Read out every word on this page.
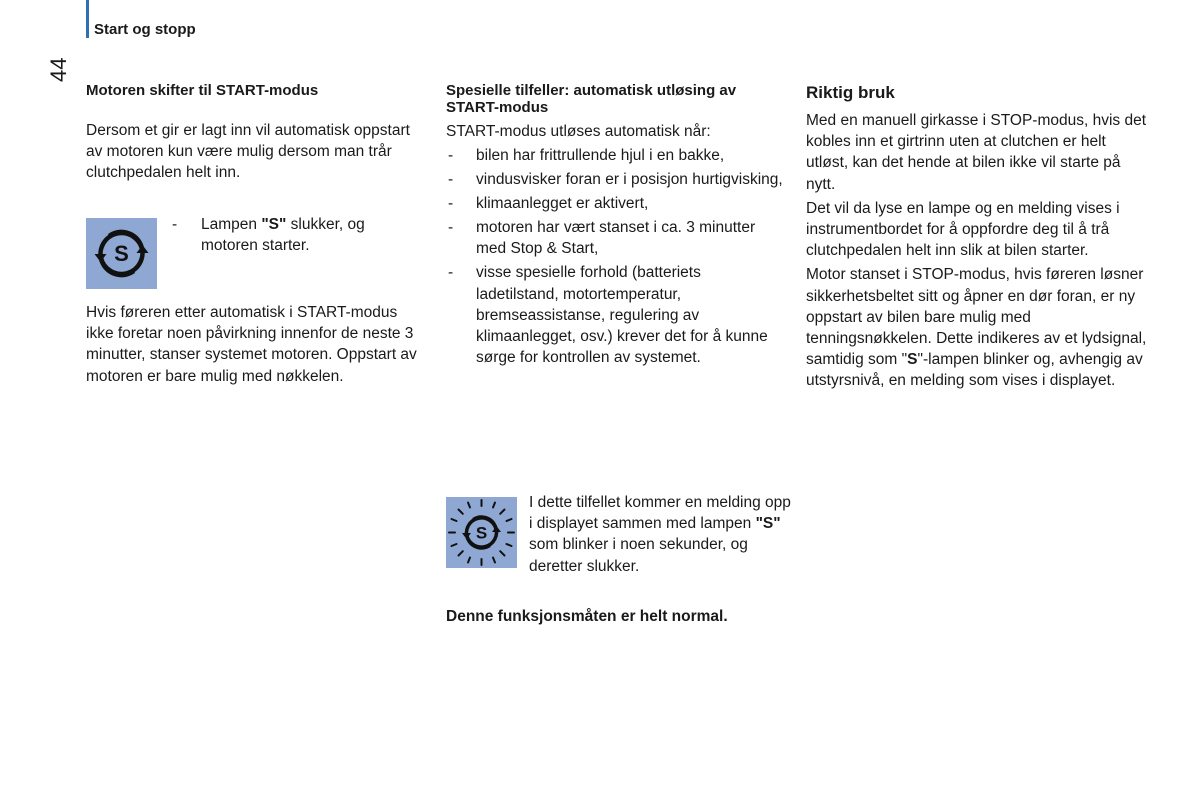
Start og stopp
44

Motoren skifter til START-modus

Dersom et gir er lagt inn vil automatisk oppstart av motoren kun være mulig dersom man trår clutchpedalen helt inn.

S
- Lampen "S" slukker, og motoren starter.

Hvis føreren etter automatisk i START-modus ikke foretar noen påvirkning innenfor de neste 3 minutter, stanser systemet motoren. Oppstart av motoren er bare mulig med nøkkelen.

Spesielle tilfeller: automatisk utløsing av START-modus

START-modus utløses automatisk når:

- bilen har frittrullende hjul i en bakke,
- vindusvisker foran er i posisjon hurtigvisking,
- klimaanlegget er aktivert,
- motoren har vært stanset i ca. 3 minutter med Stop & Start,
- visse spesielle forhold (batteriets ladetilstand, motortemperatur, bremseassistanse, regulering av klimaanlegget, osv.) krever det for å kunne sørge for kontrollen av systemet.
S
I dette tilfellet kommer en melding opp i displayet sammen med lampen "S" som blinker i noen sekunder, og deretter slukker.

Denne funksjonsmåten er helt normal.

Riktig bruk

Med en manuell girkasse i STOP-modus, hvis det kobles inn et girtrinn uten at clutchen er helt utløst, kan det hende at bilen ikke vil starte på nytt.

Det vil da lyse en lampe og en melding vises i instrumentbordet for å oppfordre deg til å trå clutchpedalen helt inn slik at bilen starter.

Motor stanset i STOP-modus, hvis føreren løsner sikkerhetsbeltet sitt og åpner en dør foran, er ny oppstart av bilen bare mulig med tenningsnøkkelen. Dette indikeres av et lydsignal, samtidig som "S"-lampen blinker og, avhengig av utstyrsnivå, en melding som vises i displayet.
